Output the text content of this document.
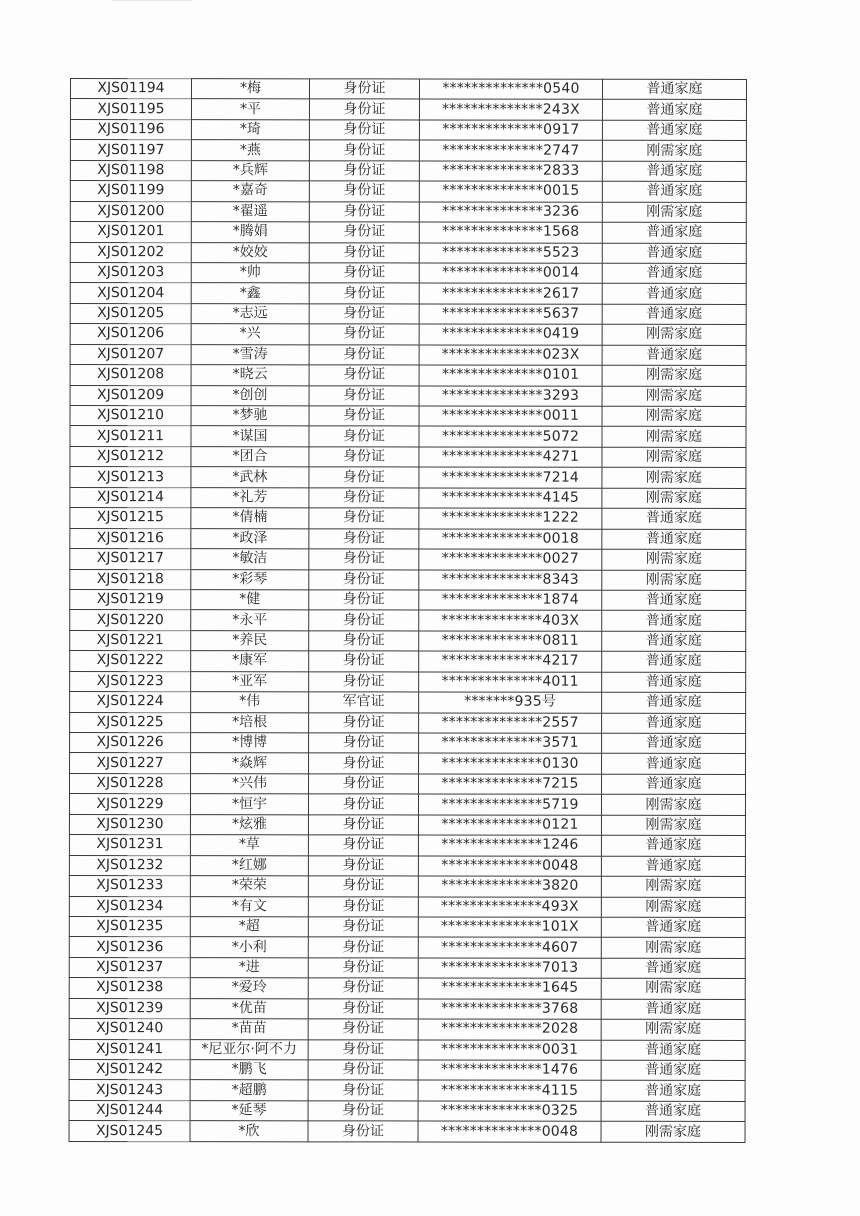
XJS01194	*梅	身份证	**************0540	普通家庭
XJS01195	*平	身份证	**************243X	普通家庭
XJS01196	*琦	身份证	**************0917	普通家庭
XJS01197	*燕	身份证	**************2747	刚需家庭
XJS01198	*兵辉	身份证	**************2833	普通家庭
XJS01199	*嘉奇	身份证	**************0015	普通家庭
XJS01200	*翟遥	身份证	**************3236	刚需家庭
XJS01201	*腾娟	身份证	**************1568	普通家庭
XJS01202	*姣姣	身份证	**************5523	普通家庭
XJS01203	*帅	身份证	**************0014	普通家庭
XJS01204	*鑫	身份证	**************2617	普通家庭
XJS01205	*志远	身份证	**************5637	普通家庭
XJS01206	*兴	身份证	**************0419	刚需家庭
XJS01207	*雪涛	身份证	**************023X	普通家庭
XJS01208	*晓云	身份证	**************0101	刚需家庭
XJS01209	*创创	身份证	**************3293	刚需家庭
XJS01210	*梦驰	身份证	**************0011	刚需家庭
XJS01211	*谋国	身份证	**************5072	刚需家庭
XJS01212	*团合	身份证	**************4271	刚需家庭
XJS01213	*武林	身份证	**************7214	刚需家庭
XJS01214	*礼芳	身份证	**************4145	刚需家庭
XJS01215	*倩楠	身份证	**************1222	普通家庭
XJS01216	*政泽	身份证	**************0018	普通家庭
XJS01217	*敏洁	身份证	**************0027	刚需家庭
XJS01218	*彩琴	身份证	**************8343	刚需家庭
XJS01219	*健	身份证	**************1874	普通家庭
XJS01220	*永平	身份证	**************403X	普通家庭
XJS01221	*养民	身份证	**************0811	普通家庭
XJS01222	*康军	身份证	**************4217	普通家庭
XJS01223	*亚军	身份证	**************4011	普通家庭
XJS01224	*伟	军官证	*******935号	普通家庭
XJS01225	*培根	身份证	**************2557	普通家庭
XJS01226	*博博	身份证	**************3571	普通家庭
XJS01227	*焱辉	身份证	**************0130	普通家庭
XJS01228	*兴伟	身份证	**************7215	普通家庭
XJS01229	*恒宇	身份证	**************5719	刚需家庭
XJS01230	*炫雅	身份证	**************0121	刚需家庭
XJS01231	*草	身份证	**************1246	普通家庭
XJS01232	*红娜	身份证	**************0048	普通家庭
XJS01233	*荣荣	身份证	**************3820	刚需家庭
XJS01234	*有文	身份证	**************493X	刚需家庭
XJS01235	*超	身份证	**************101X	普通家庭
XJS01236	*小利	身份证	**************4607	刚需家庭
XJS01237	*进	身份证	**************7013	普通家庭
XJS01238	*爱玲	身份证	**************1645	刚需家庭
XJS01239	*优苗	身份证	**************3768	普通家庭
XJS01240	*苗苗	身份证	**************2028	刚需家庭
XJS01241	*尼亚尔·阿不力	身份证	**************0031	普通家庭
XJS01242	*鹏飞	身份证	**************1476	普通家庭
XJS01243	*超鹏	身份证	**************4115	普通家庭
XJS01244	*延琴	身份证	**************0325	普通家庭
XJS01245	*欣	身份证	**************0048	刚需家庭
